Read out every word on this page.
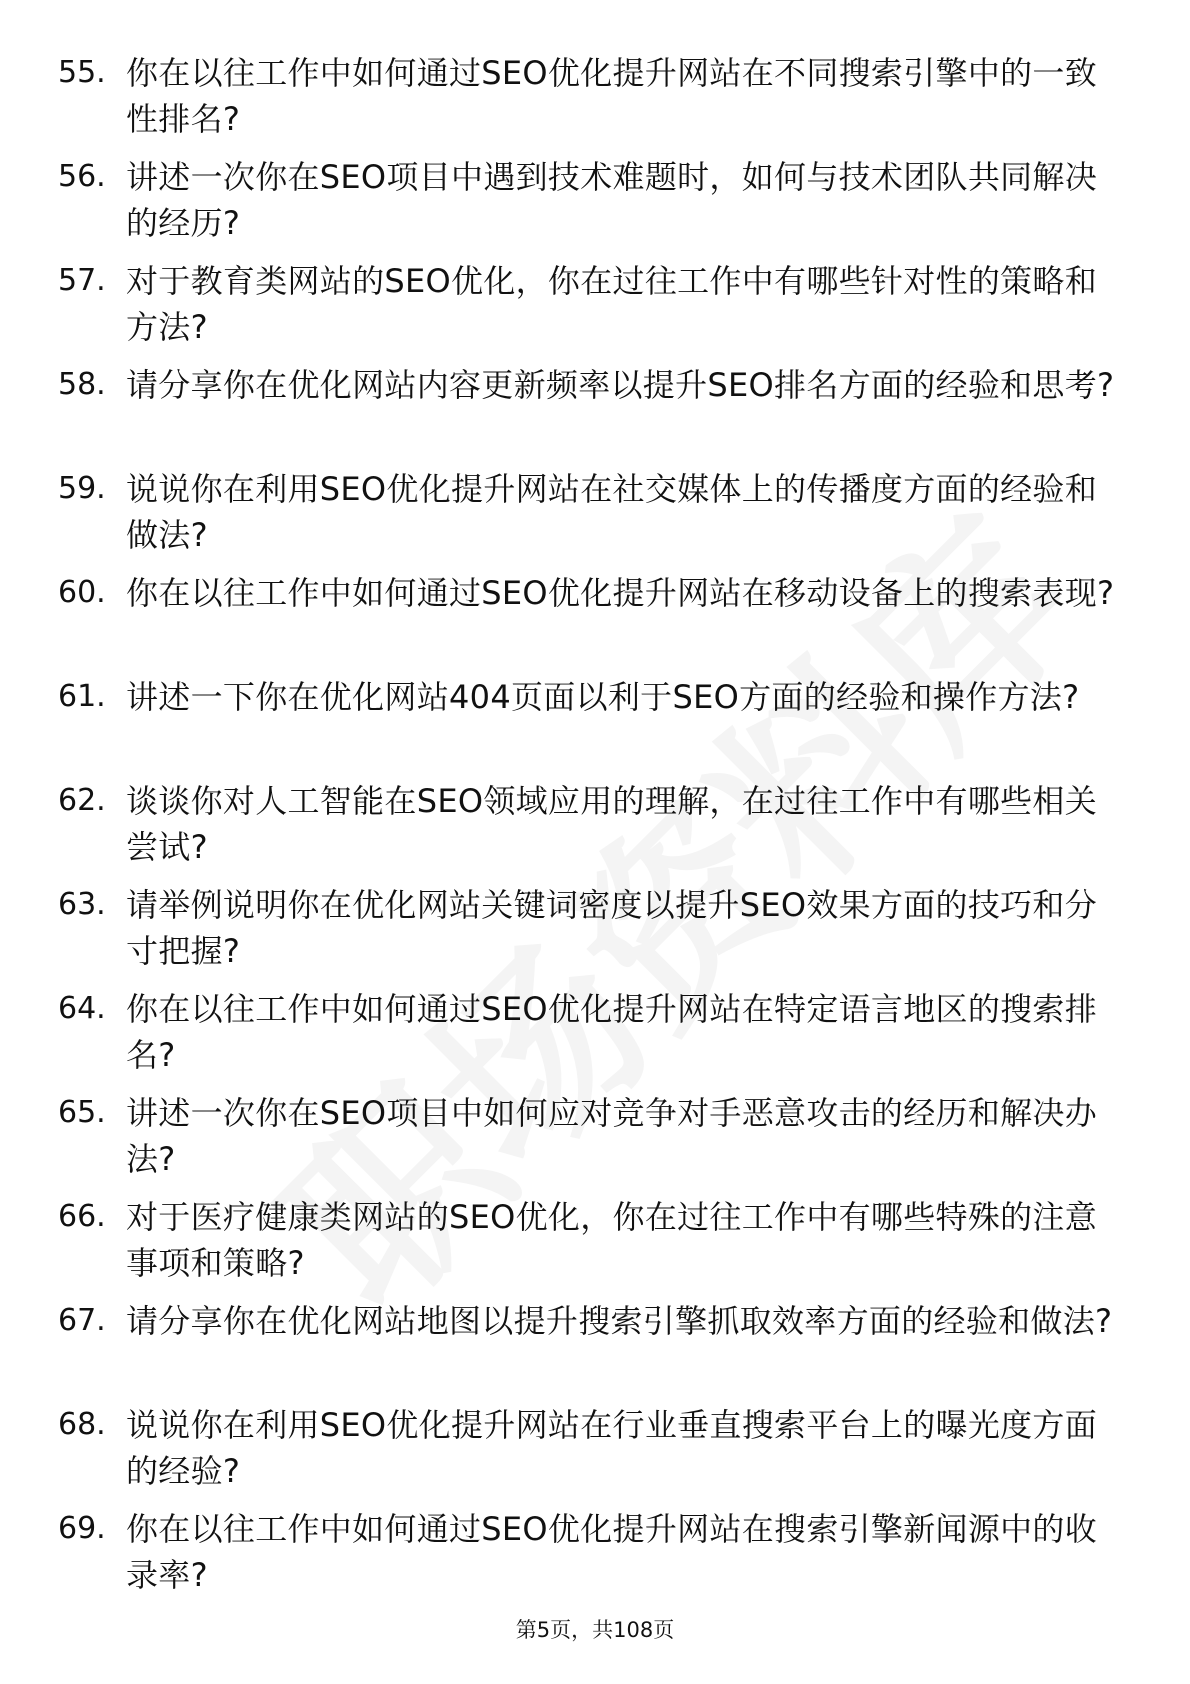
55. 你在以往工作中如何通过SEO优化提升网站在不同搜索引擎中的一致性排名?
56. 讲述一次你在SEO项目中遇到技术难题时，如何与技术团队共同解决的经历?
57. 对于教育类网站的SEO优化，你在过往工作中有哪些针对性的策略和方法?
58. 请分享你在优化网站内容更新频率以提升SEO排名方面的经验和思考?
59. 说说你在利用SEO优化提升网站在社交媒体上的传播度方面的经验和做法?
60. 你在以往工作中如何通过SEO优化提升网站在移动设备上的搜索表现?
61. 讲述一下你在优化网站404页面以利于SEO方面的经验和操作方法?
62. 谈谈你对人工智能在SEO领域应用的理解，在过往工作中有哪些相关尝试?
63. 请举例说明你在优化网站关键词密度以提升SEO效果方面的技巧和分寸把握?
64. 你在以往工作中如何通过SEO优化提升网站在特定语言地区的搜索排名?
65. 讲述一次你在SEO项目中如何应对竞争对手恶意攻击的经历和解决办法?
66. 对于医疗健康类网站的SEO优化，你在过往工作中有哪些特殊的注意事项和策略?
67. 请分享你在优化网站地图以提升搜索引擎抓取效率方面的经验和做法?
68. 说说你在利用SEO优化提升网站在行业垂直搜索平台上的曝光度方面的经验?
69. 你在以往工作中如何通过SEO优化提升网站在搜索引擎新闻源中的收录率?
第5页，共108页
